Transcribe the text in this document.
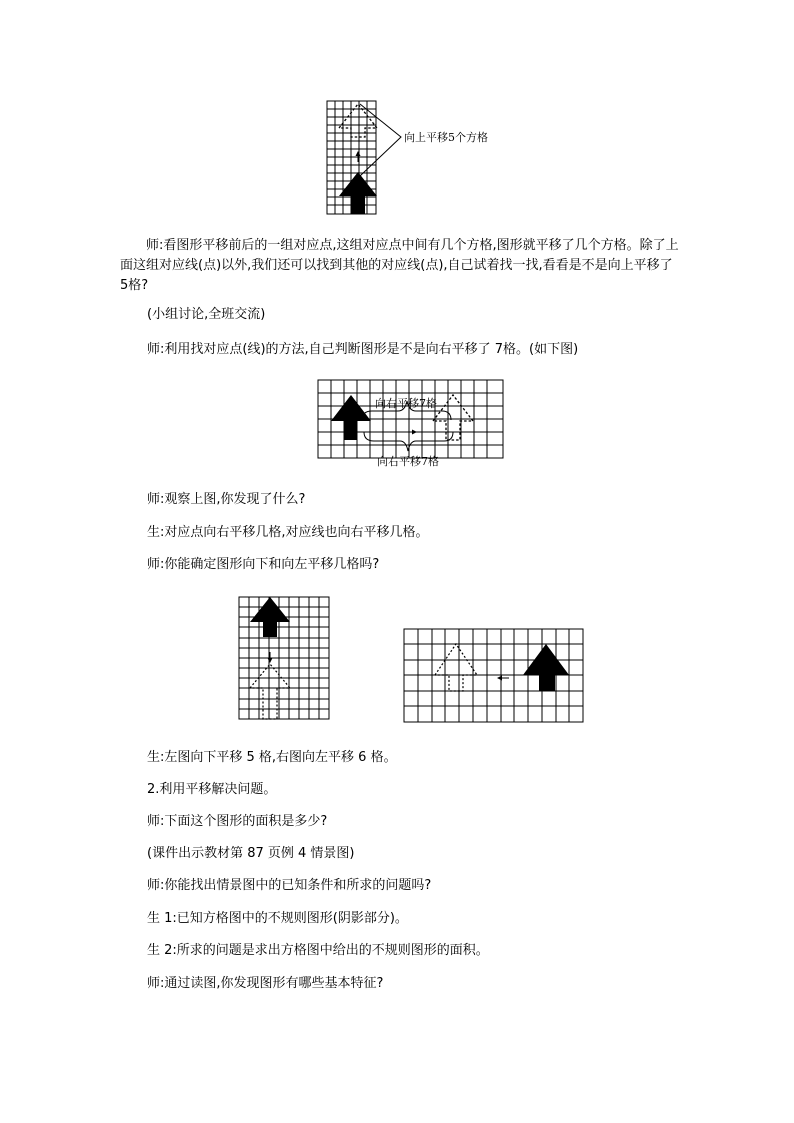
向上平移5个方格

师:看图形平移前后的一组对应点,这组对应点中间有几个方格,图形就平移了几个方格。除了上面这组对应线(点)以外,我们还可以找到其他的对应线(点),自己试着找一找,看看是不是向上平移了 5格?

(小组讨论,全班交流)

师:利用找对应点(线)的方法,自己判断图形是不是向右平移了 7格。(如下图)

向右平移7格
向右平移7格

师:观察上图,你发现了什么?

生:对应点向右平移几格,对应线也向右平移几格。

师:你能确定图形向下和向左平移几格吗?

生:左图向下平移 5 格,右图向左平移 6 格。

2.利用平移解决问题。

师:下面这个图形的面积是多少?

(课件出示教材第 87 页例 4 情景图)

师:你能找出情景图中的已知条件和所求的问题吗?

生 1:已知方格图中的不规则图形(阴影部分)。

生 2:所求的问题是求出方格图中给出的不规则图形的面积。

师:通过读图,你发现图形有哪些基本特征?
